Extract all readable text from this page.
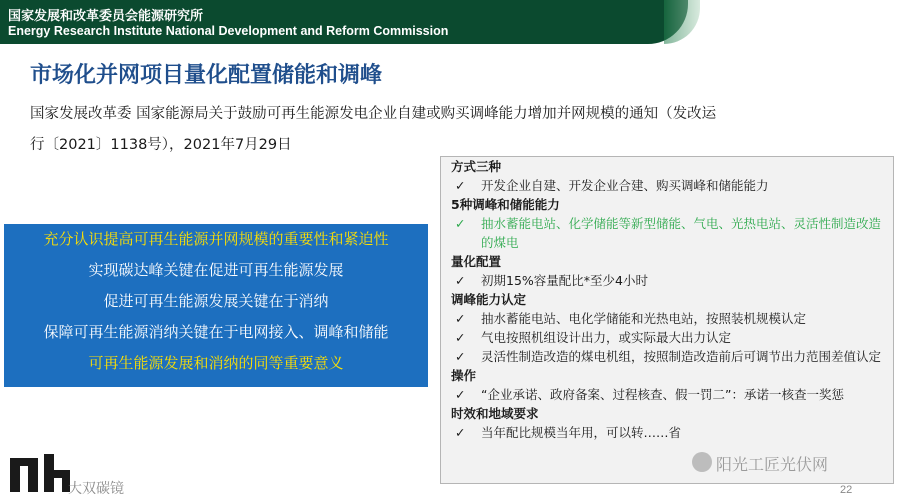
国家发展和改革委员会能源研究所
Energy Research Institute National Development and Reform Commission
市场化并网项目量化配置储能和调峰
国家发展改革委 国家能源局关于鼓励可再生能源发电企业自建或购买调峰能力增加并网规模的通知（发改运
行〔2021〕1138号），2021年7月29日
充分认识提高可再生能源并网规模的重要性和紧迫性
实现碳达峰关键在促进可再生能源发展
促进可再生能源发展关键在于消纳
保障可再生能源消纳关键在于电网接入、调峰和储能
可再生能源发展和消纳的同等重要意义
方式三种
✓ 开发企业自建、开发企业合建、购买调峰和储能能力
5种调峰和储能能力
✓ 抽水蓄能电站、化学储能等新型储能、气电、光热电站、灵活性制造改造的煤电
量化配置
✓ 初期15%容量配比*至少4小时
调峰能力认定
✓ 抽水蓄能电站、电化学储能和光热电站，按照装机规模认定
✓ 气电按照机组设计出力，或实际最大出力认定
✓ 灵活性制造改造的煤电机组，按照制造改造前后可调节出力范围差值认定
操作
✓ “企业承诺、政府备案、过程核查、假一罚二”：承诺一核查一奖惩
时效和地域要求
✓ 当年配比规模当年用，可以转……省
大双碳镜
阳光工匠光伏网
22
